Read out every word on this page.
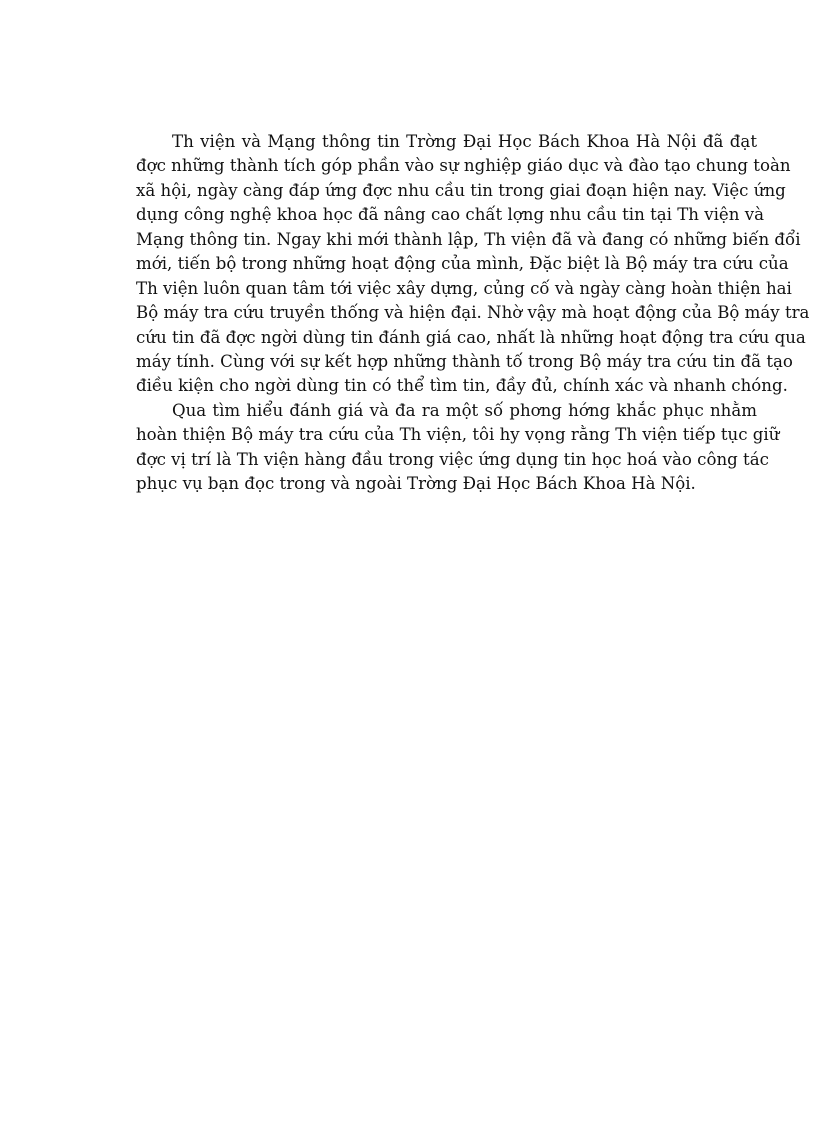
Th viện và Mạng thông tin Trờng Đại Học Bách Khoa Hà Nội đã đạt
đợc những thành tích góp phần vào sự nghiệp giáo dục và đào tạo chung toàn
xã hội, ngày càng đáp ứng đợc nhu cầu tin trong giai đoạn hiện nay. Việc ứng
dụng công nghệ khoa học đã nâng cao chất lợng nhu cầu tin tại Th viện và
Mạng thông tin. Ngay khi mới thành lập, Th viện đã và đang có những biến đổi
mới, tiến bộ trong những hoạt động của mình, Đặc biệt là Bộ máy tra cứu của
Th viện luôn quan tâm tới việc xây dựng, củng cố và ngày càng hoàn thiện hai
Bộ máy tra cứu truyền thống và hiện đại. Nhờ vậy mà hoạt động của Bộ máy tra
cứu tin đã đợc ngời dùng tin đánh giá cao, nhất là những hoạt động tra cứu qua
máy tính. Cùng với sự kết hợp những thành tố trong Bộ máy tra cứu tin đã tạo
điều kiện cho ngời dùng tin có thể tìm tin, đầy đủ, chính xác và nhanh chóng.

Qua tìm hiểu đánh giá và đa ra một số phơng hớng khắc phục nhằm
hoàn thiện Bộ máy tra cứu của Th viện, tôi hy vọng rằng Th viện tiếp tục giữ
đợc vị trí là Th viện hàng đầu trong việc ứng dụng tin học hoá vào công tác
phục vụ bạn đọc trong và ngoài Trờng Đại Học Bách Khoa Hà Nội.
